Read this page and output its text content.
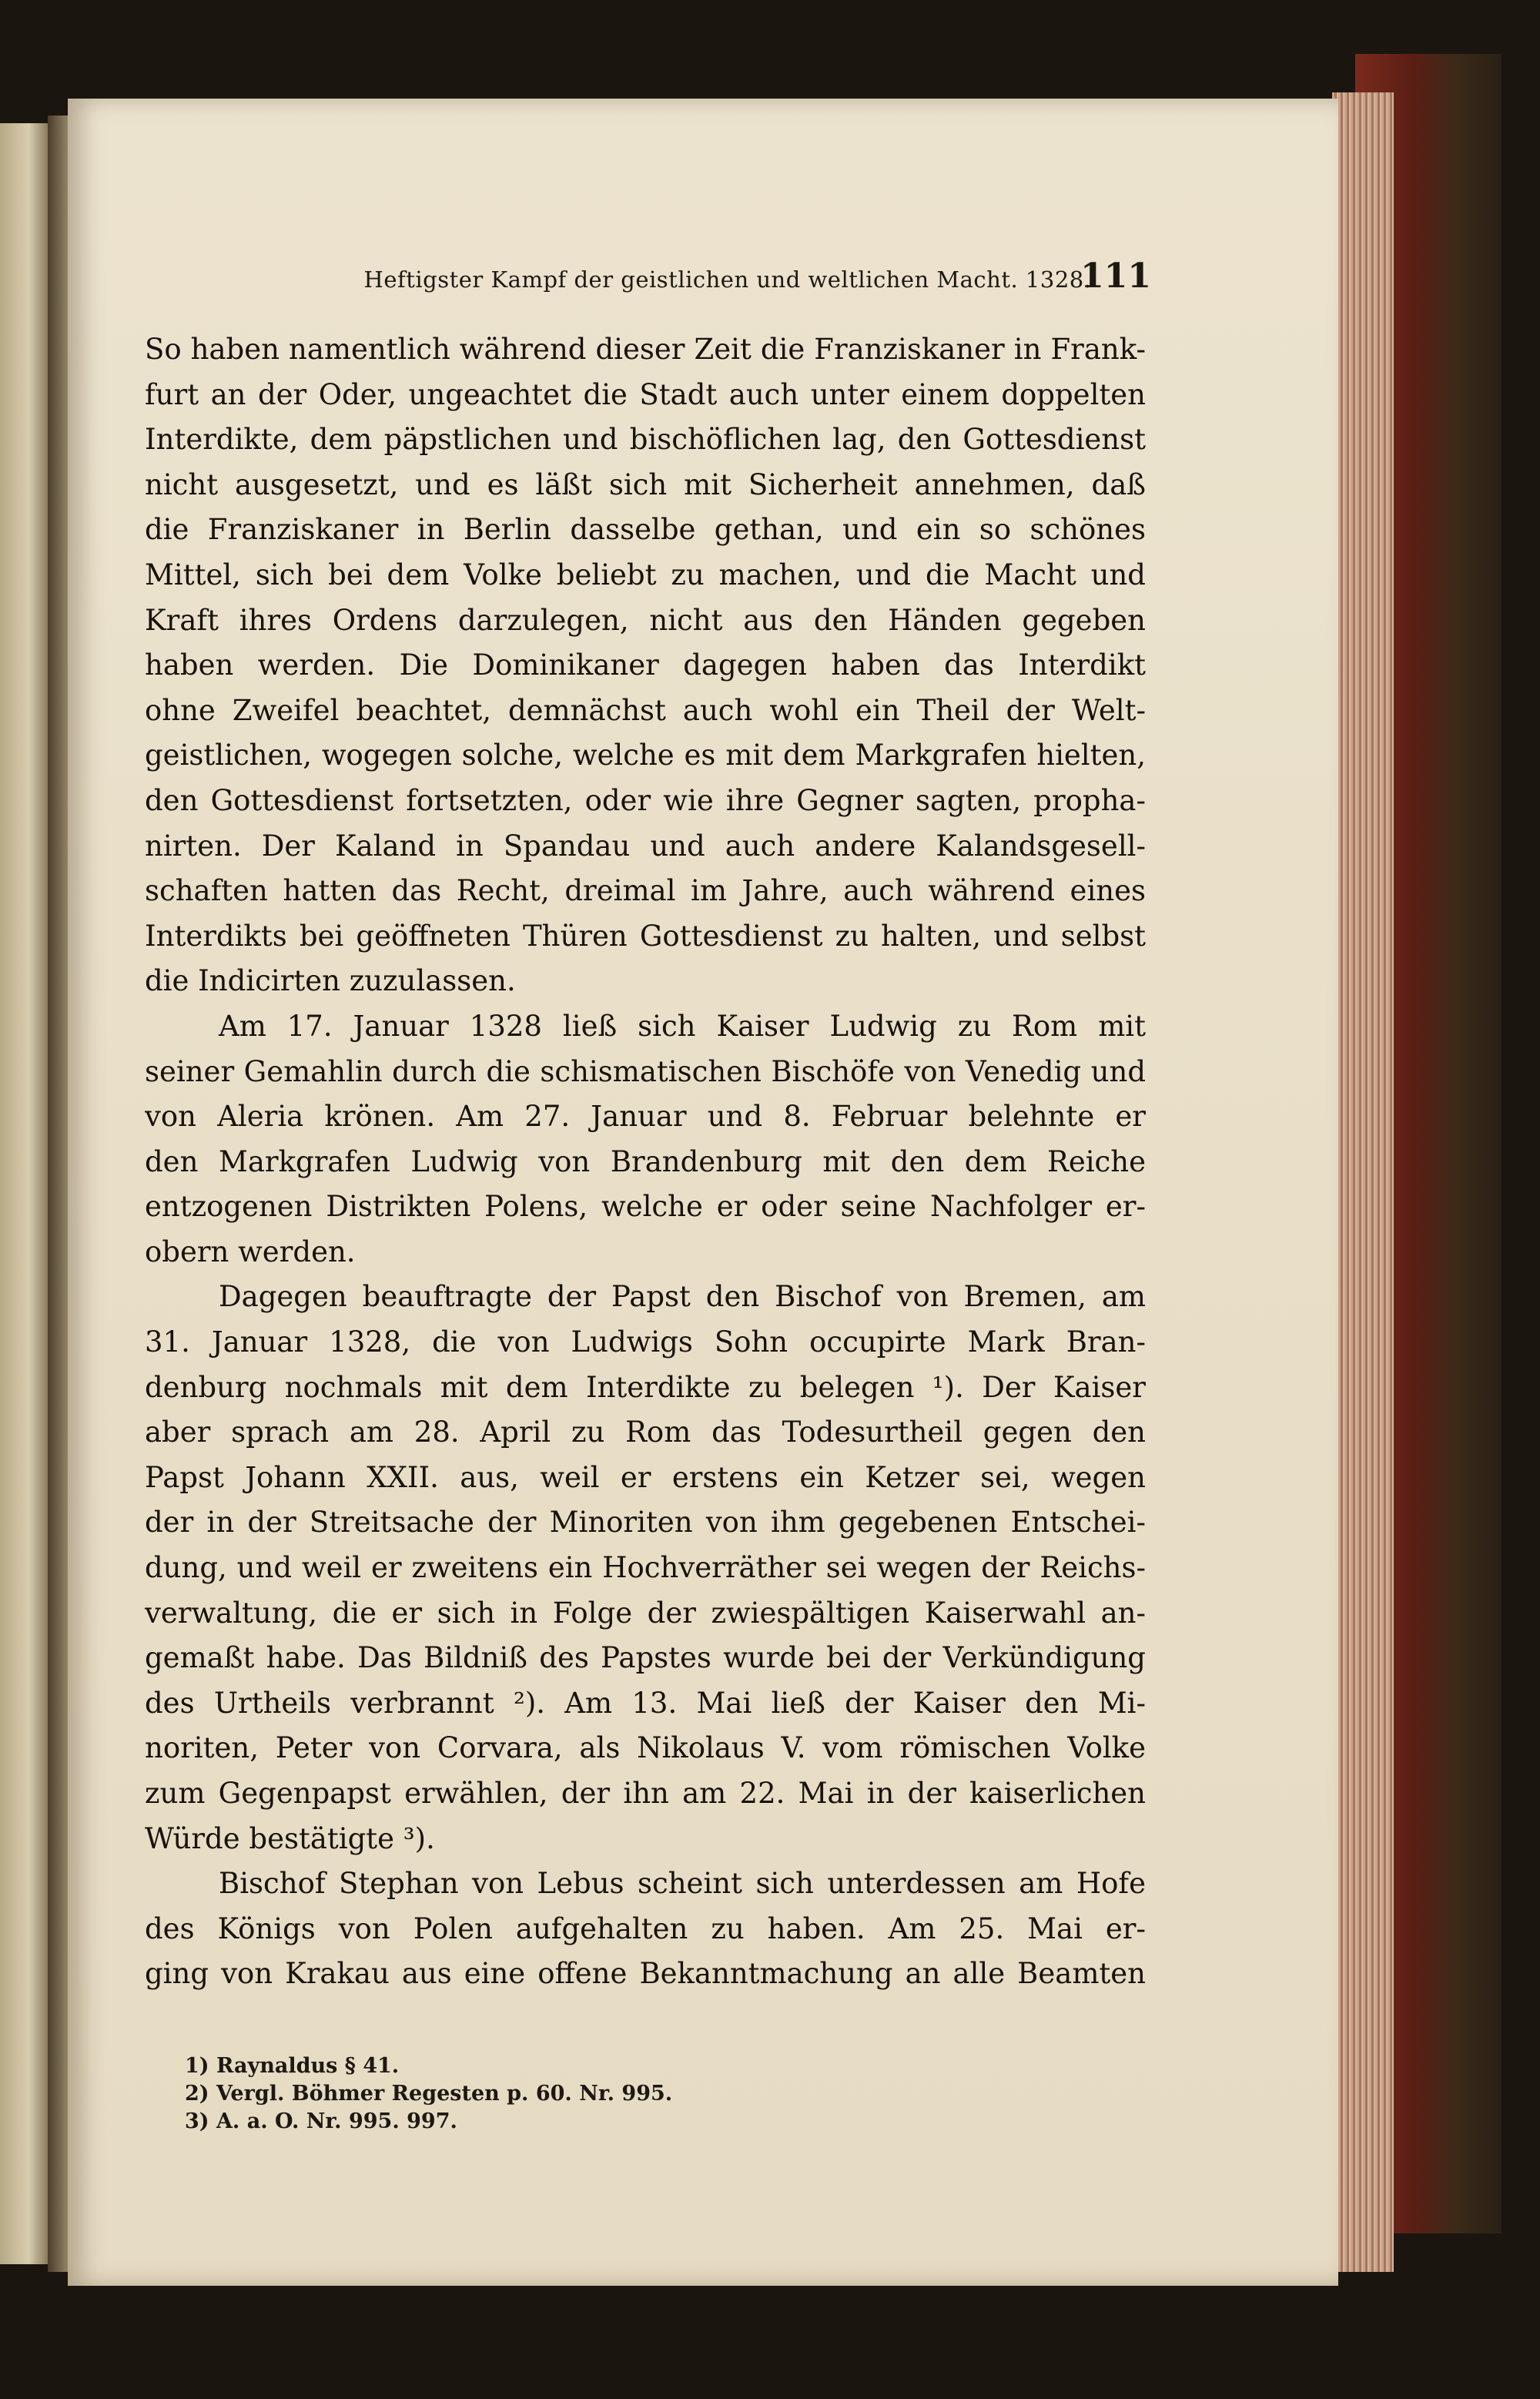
Heftigster Kampf der geistlichen und weltlichen Macht. 1328.
111
So haben namentlich während dieser Zeit die Franziskaner in Frank-
furt an der Oder, ungeachtet die Stadt auch unter einem doppelten
Interdikte, dem päpstlichen und bischöflichen lag, den Gottesdienst
nicht ausgesetzt, und es läßt sich mit Sicherheit annehmen, daß
die Franziskaner in Berlin dasselbe gethan, und ein so schönes
Mittel, sich bei dem Volke beliebt zu machen, und die Macht und
Kraft ihres Ordens darzulegen, nicht aus den Händen gegeben
haben werden. Die Dominikaner dagegen haben das Interdikt
ohne Zweifel beachtet, demnächst auch wohl ein Theil der Welt-
geistlichen, wogegen solche, welche es mit dem Markgrafen hielten,
den Gottesdienst fortsetzten, oder wie ihre Gegner sagten, propha-
nirten. Der Kaland in Spandau und auch andere Kalandsgesell-
schaften hatten das Recht, dreimal im Jahre, auch während eines
Interdikts bei geöffneten Thüren Gottesdienst zu halten, und selbst
die Indicirten zuzulassen.
Am 17. Januar 1328 ließ sich Kaiser Ludwig zu Rom mit
seiner Gemahlin durch die schismatischen Bischöfe von Venedig und
von Aleria krönen. Am 27. Januar und 8. Februar belehnte er
den Markgrafen Ludwig von Brandenburg mit den dem Reiche
entzogenen Distrikten Polens, welche er oder seine Nachfolger er-
obern werden.
Dagegen beauftragte der Papst den Bischof von Bremen, am
31. Januar 1328, die von Ludwigs Sohn occupirte Mark Bran-
denburg nochmals mit dem Interdikte zu belegen ¹). Der Kaiser
aber sprach am 28. April zu Rom das Todesurtheil gegen den
Papst Johann XXII. aus, weil er erstens ein Ketzer sei, wegen
der in der Streitsache der Minoriten von ihm gegebenen Entschei-
dung, und weil er zweitens ein Hochverräther sei wegen der Reichs-
verwaltung, die er sich in Folge der zwiespältigen Kaiserwahl an-
gemaßt habe. Das Bildniß des Papstes wurde bei der Verkündigung
des Urtheils verbrannt ²). Am 13. Mai ließ der Kaiser den Mi-
noriten, Peter von Corvara, als Nikolaus V. vom römischen Volke
zum Gegenpapst erwählen, der ihn am 22. Mai in der kaiserlichen
Würde bestätigte ³).
Bischof Stephan von Lebus scheint sich unterdessen am Hofe
des Königs von Polen aufgehalten zu haben. Am 25. Mai er-
ging von Krakau aus eine offene Bekanntmachung an alle Beamten
1) Raynaldus § 41.
2) Vergl. Böhmer Regesten p. 60. Nr. 995.
3) A. a. O. Nr. 995. 997.
